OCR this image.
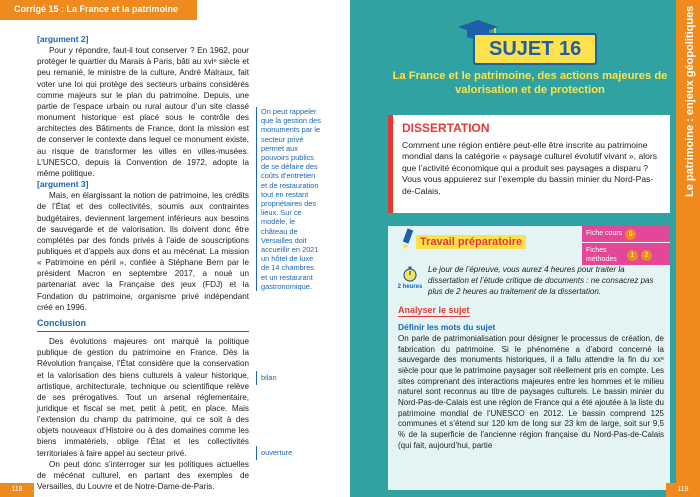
Corrigé 15 : La France et la patrimoine
[argument 2]

Pour y répondre, faut-il tout conserver ? En 1962, pour protéger le quartier du Marais à Paris, bâti au xviᵉ siècle et peu remanié, le ministre de la culture, André Malraux, fait voter une loi qui protège des secteurs urbains considérés comme majeurs sur le plan du patrimoine. Depuis, une partie de l’espace urbain ou rural autour d’un site classé monument historique est placé sous le contrôle des architectes des Bâtiments de France, dont la mission est de conserver le contexte dans lequel ce monument existe, au risque de transformer les villes en villes-musées. L’UNESCO, depuis la Convention de 1972, adopte la même politique.

[argument 3]

Mais, en élargissant la notion de patrimoine, les crédits de l’État et des collectivités, soumis aux contraintes budgétaires, deviennent largement inférieurs aux besoins de sauvegarde et de valorisation. Ils doivent donc être complétés par des fonds privés à l’aide de souscriptions publiques et d’appels aux dons et au mécénat. La mission « Patrimoine en péril », confiée à Stéphane Bern par le président Macron en septembre 2017, a nouè un partenariat avec la Française des jeux (FDJ) et la Fondation du patrimoine, organisme privé indépendant créé en 1996.

Conclusion

Des évolutions majeures ont marqué la politique publique de gestion du patrimoine en France. Dès la Révolution française, l’État considère que la conservation et la valorisation des biens culturels à valeur historique, artistique, architecturale, technique ou scientifique relève de ses prérogatives. Tout un arsenal réglementaire, juridique et fiscal se met, petit à petit, en place. Mais l’extension du champ du patrimoine, qui ce soit à des objets nouveaux d’Histoire ou à des domaines comme les biens immatériels, oblige l’État et les collectivités territoriales à faire appel au secteur privé.

On peut donc s’interroger sur les politiques actuelles de mécénat culturel, en partant des exemples de Versailles, du Louvre et de Notre-Dame-de-Paris.

On peut rappeler que la gestion des monuments par le secteur privé permet aux pouvoirs publics de se défaire des coûts d’entretien et de restauration tout en restant propriétaires des lieux. Sur ce modèle, le château de Versailles doit accueillir en 2021 un hôtel de luxe de 14 chambres et un restaurant gastronomique.
bilan
ouverture
118
Le patrimoine : enjeux géopolitiques
SUJET 16
La France et le patrimoine, des actions majeures de valorisation et de protection
DISSERTATION
Comment une région entière peut-elle être inscrite au patrimoine mondial dans la catégorie « paysage culturel évolutif vivant », alors que l’activité économique qui a produit ses paysages a disparu ? Vous vous appuierez sur l’exemple du bassin minier du Nord-Pas-de-Calais.
Travail préparatoire
Fiche cours 6
Fiches méthodes
1	2
2 heures
Le jour de l’épreuve, vous aurez 4 heures pour traiter la dissertation et l’étude critique de documents : ne consacrez pas plus de 2 heures au traitement de la dissertation.
Analyser le sujet
Définir les mots du sujet
On parle de patrimonialisation pour désigner le processus de création, de fabrication du patrimoine. Si le phénomène a d’abord concerné la sauvegarde des monuments historiques, il a fallu attendre la fin du xxᵉ siècle pour que le patrimoine paysager soit réellement pris en compte. Les sites comprenant des interactions majeures entre les hommes et le milieu naturel sont reconnus au titre de paysages culturels. Le bassin minier du Nord-Pas-de-Calais est une région de France qui a été ajoutée à la liste du patrimoine mondial de l’UNESCO en 2012. Le bassin comprend 125 communes et s’étend sur 120 km de long sur 23 km de large, soit sur 9,5 % de la superficie de l’ancienne région française du Nord-Pas-de-Calais (qui fait, aujourd’hui, partie
119
